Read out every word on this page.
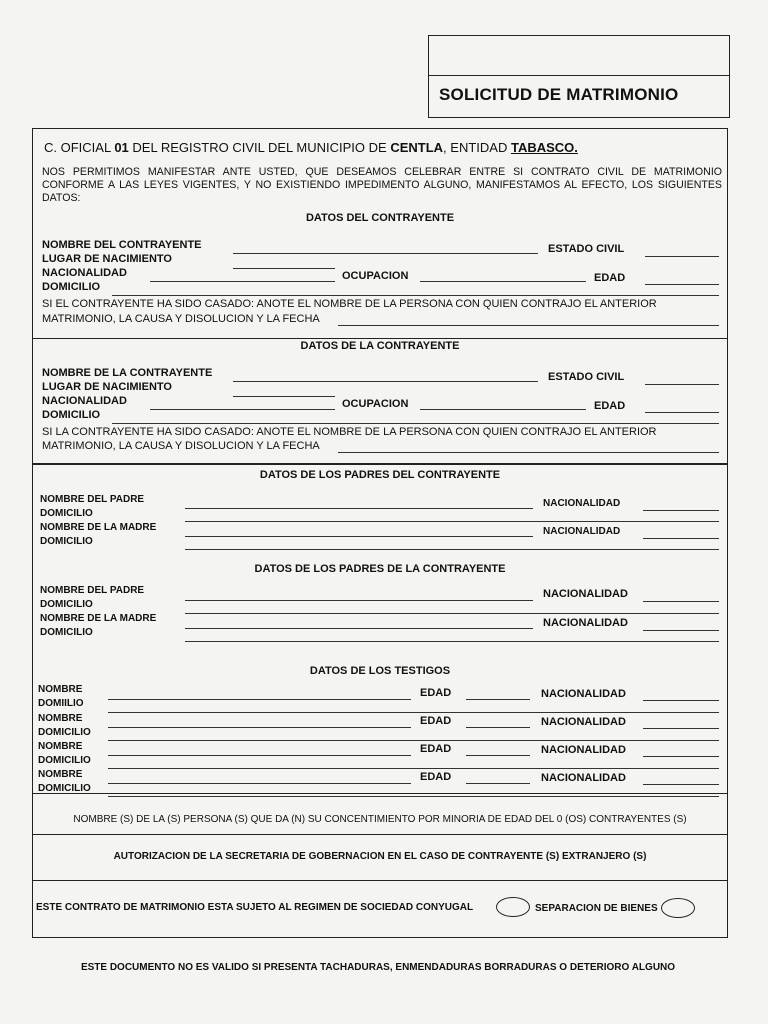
SOLICITUD DE MATRIMONIO
C. OFICIAL 01 DEL REGISTRO CIVIL DEL MUNICIPIO DE CENTLA, ENTIDAD TABASCO.
NOS PERMITIMOS MANIFESTAR ANTE USTED, QUE DESEAMOS CELEBRAR ENTRE SI CONTRATO CIVIL DE MATRIMONIO CONFORME A LAS LEYES VIGENTES, Y NO EXISTIENDO IMPEDIMENTO ALGUNO, MANIFESTAMOS AL EFECTO, LOS SIGUIENTES DATOS:
DATOS DEL CONTRAYENTE
NOMBRE DEL CONTRAYENTE	ESTADO CIVIL
LUGAR DE NACIMIENTO
NACIONALIDAD	OCUPACION	EDAD
DOMICILIO
SI EL CONTRAYENTE HA SIDO CASADO: ANOTE EL NOMBRE DE LA PERSONA CON QUIEN CONTRAJO EL ANTERIOR
MATRIMONIO, LA CAUSA Y DISOLUCION Y LA FECHA
DATOS DE LA CONTRAYENTE
NOMBRE DE LA CONTRAYENTE	ESTADO CIVIL
LUGAR DE NACIMIENTO
NACIONALIDAD	OCUPACION	EDAD
DOMICILIO
SI LA CONTRAYENTE HA SIDO CASADO: ANOTE EL NOMBRE DE LA PERSONA CON QUIEN CONTRAJO EL ANTERIOR
MATRIMONIO, LA CAUSA Y DISOLUCION Y LA FECHA
DATOS DE LOS PADRES DEL CONTRAYENTE
NOMBRE DEL PADRE	NACIONALIDAD
DOMICILIO
NOMBRE DE LA MADRE	NACIONALIDAD
DOMICILIO
DATOS DE LOS PADRES DE LA CONTRAYENTE
NOMBRE DEL PADRE	NACIONALIDAD
DOMICILIO
NOMBRE DE LA MADRE	NACIONALIDAD
DOMICILIO
DATOS DE LOS TESTIGOS
NOMBRE	EDAD	NACIONALIDAD
DOMIILIO
NOMBRE	EDAD	NACIONALIDAD
DOMICILIO
NOMBRE	EDAD	NACIONALIDAD
DOMICILIO
NOMBRE	EDAD	NACIONALIDAD
DOMICILIO
NOMBRE (S) DE LA (S) PERSONA (S) QUE DA (N) SU CONCENTIMIENTO POR MINORIA DE EDAD DEL 0 (OS) CONTRAYENTES (S)
AUTORIZACION DE LA SECRETARIA DE GOBERNACION EN EL CASO DE CONTRAYENTE (S) EXTRANJERO (S)
ESTE CONTRATO DE MATRIMONIO ESTA SUJETO AL REGIMEN DE SOCIEDAD CONYUGAL	SEPARACION DE BIENES
ESTE DOCUMENTO NO ES VALIDO SI PRESENTA TACHADURAS, ENMENDADURAS BORRADURAS O DETERIORO ALGUNO
